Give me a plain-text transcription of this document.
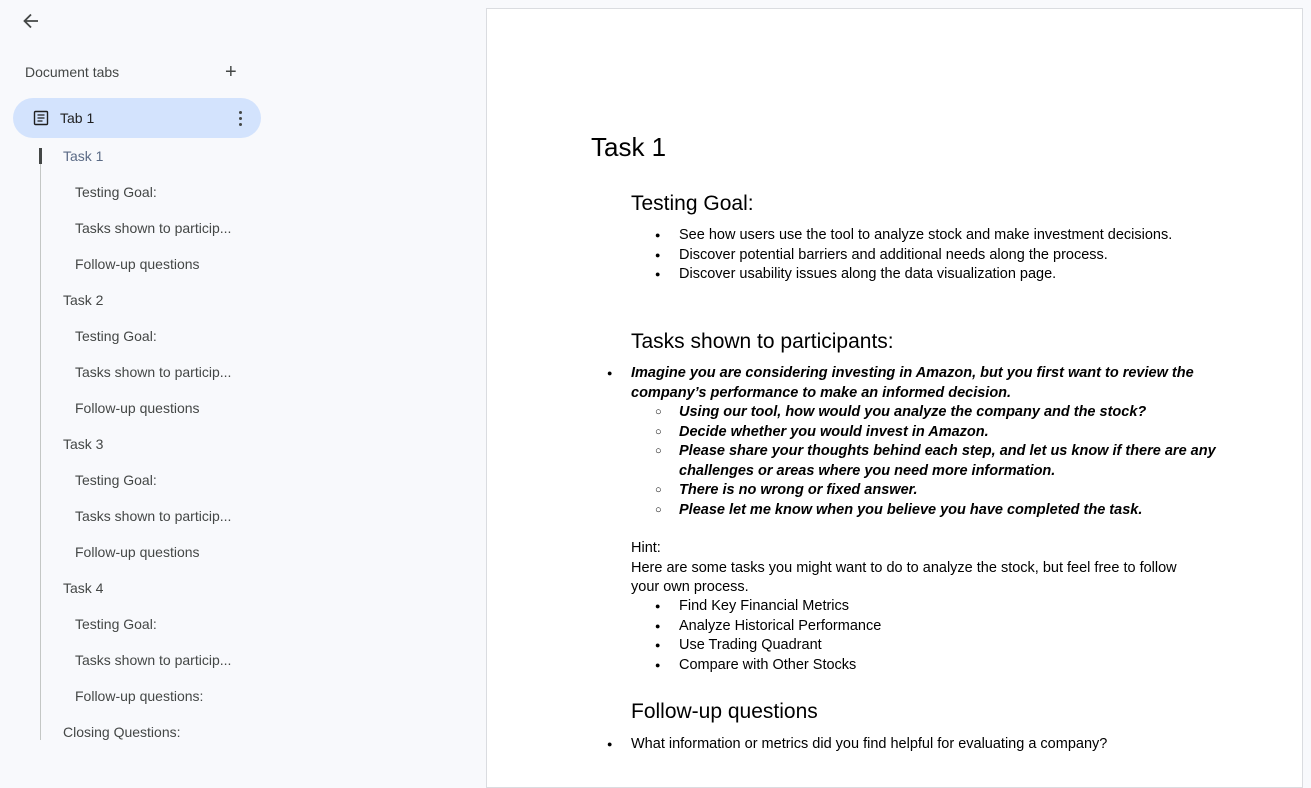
Document tabs	+
Tab 1
Task 1
Testing Goal:
Tasks shown to particip...
Follow-up questions
Task 2
Testing Goal:
Tasks shown to particip...
Follow-up questions
Task 3
Testing Goal:
Tasks shown to particip...
Follow-up questions
Task 4
Testing Goal:
Tasks shown to particip...
Follow-up questions:
Closing Questions:
Task 1
Testing Goal:
● See how users use the tool to analyze stock and make investment decisions.
● Discover potential barriers and additional needs along the process.
● Discover usability issues along the data visualization page.
Tasks shown to participants:
● Imagine you are considering investing in Amazon, but you first want to review the company’s performance to make an informed decision.
○ Using our tool, how would you analyze the company and the stock?
○ Decide whether you would invest in Amazon.
○ Please share your thoughts behind each step, and let us know if there are any challenges or areas where you need more information.
○ There is no wrong or fixed answer.
○ Please let me know when you believe you have completed the task.
Hint:
Here are some tasks you might want to do to analyze the stock, but feel free to follow your own process.
● Find Key Financial Metrics
● Analyze Historical Performance
● Use Trading Quadrant
● Compare with Other Stocks
Follow-up questions
● What information or metrics did you find helpful for evaluating a company?
